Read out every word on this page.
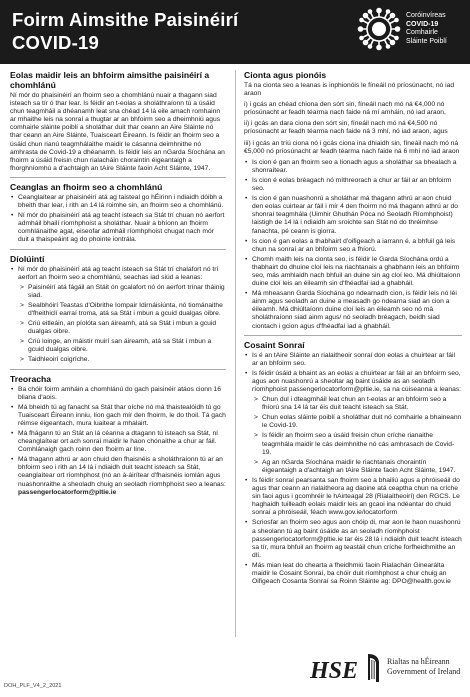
Foirm Aimsithe Paisinéirí
COVID-19
Coróinvíreas
COVID-19
Comhairle
Sláinte Poiblí
Eolas maidir leis an bhfoirm aimsithe paisinéirí a chomhlánú

Ní mór do phaisinéirí an fhoirm seo a chomhlánú nuair a thagann siad isteach sa tír ó thar lear. Is féidir an t-eolas a sholáthraíonn tú a úsáid chun teagmháil a dhéanamh leat sna chéad 14 lá eile amach romhainn ar mhaithe leis na sonraí a thugtar ar an bhfoirm seo a dheimhniú agus comhairle sláinte poiblí a sholáthar duit thar ceann an Aire Sláinte nó thar ceann an Aire Sláinte, Tuaisceart Éireann. Is féidir an fhoirm seo a úsáid chun rianú teagmhálaithe maidir le cásanna deimhnithe nó amhrasta de Covid-19 a dhéanamh. Is féidir leis an nGarda Síochána an fhoirm a úsáid freisin chun rialacháin choraintín éigeantaigh a fhorghníomhú a d'achtaigh an tAire Sláinte faoin Acht Sláinte, 1947.

Ceanglas an fhoirm seo a chomhlánú
• Ceanglaítear ar phaisinéirí atá ag taisteal go hÉirinn i ndiaidh dóibh a bheith thar lear, i rith an 14 lá roimhe sin, an fhoirm seo a chomhlánú.
• Ní mór do phaisinéirí atá ag teacht isteach sa Stát trí chuan nó aerfort admháil bhailí ríomhphoist a sholáthar. Nuair a bhíonn an fhoirm comhlánaithe agat, eiseofar admháil ríomhphoist chugat nach mór duit a thaispeáint ag do phointe iontrála.
Díolúintí
• Ní mór do phaisinéirí atá ag teacht isteach sa Stát trí chalafort nó trí aerfort an fhoirm seo a chomhlánú, seachas iad siúd a leanas:
> Paisinéirí atá fágáil an Stáit ón gcalafort nó ón aerfort trínar tháinig siad.
> Sealbhóirí Teastas d'Oibrithe Iompair Idirnáisiúnta, nó tiománaithe d'fheithiclí earraí troma, atá sa Stát i mbun a gcuid dualgas oibre.
> Criú eitleáin, an píolóta san áireamh, atá sa Stát i mbun a gcuid dualgas oibre.
> Criú loinge, an máistir muirí san áireamh, atá sa Stát i mbun a gcuid dualgas oibre.
> Taidhleoirí coigríche.
Treoracha
• Ba chóir foirm amháin a chomhlánú do gach paisinéir atáos cionn 16 bliana d'aois.
• Má bheidh tú ag fanacht sa Stát thar oíche nó má thaistealóidh tú go Tuaisceart Éireann inniu, líon gach mír den fhoirm, le do thoil. Tá gach réimse éigeantach, mura luaitear a mhalairt.
• Má fhágann tú an Stát an lá céanna a dtagann tú isteach sa Stát, ní cheanglaítear ort ach sonraí maidir le haon chónaithe a chur ar fáil. Comhlánaigh gach roinn den fhoirm ar líne.
• Má thagann athrú ar aon chuid den fhaisnéis a sholáthraíonn tú ar an bhfoirm seo i rith an 14 lá i ndiaidh duit teacht isteach sa Stát, ceanglaítear ort ríomhphost (nó an á-áirítear d'fhaisnéis iomlán agus nuashonraithe a sheoladh chuig an seoladh ríomhphoist seo a leanas: passengerlocatorform@pltie.ie
Cionta agus pionóis

Tá na cionta seo a leanas is inphionóis le fíneáil nó príosúnacht, nó iad araon

i) i gcás an chéad chiona den sórt sin, fíneáil nach mó ná €4,000 nó príosúnacht ar feadh téarma nach faide ná mí amháin, nó iad araon,

ii) i gcás an dara ciona den sórt sin, fíneáil nach mó ná €4,500 nó príosúnacht ar feadh téarma nach faide ná 3 mhí, nó iad araon, agus

iii) i gcás an tríú ciona nó i gcás ciona ina dhiaidh sin, fíneáil nach mó ná €5,000 nó príosúnacht ar feadh téarma nach faide ná 6 mhí nó iad araon

• Is cion é gan an fhoirm seo a líonadh agus a sholáthar sa bhealach a shonraítear.
• Is cion é eolas bréagach nó míthreorach a chur ar fáil ar an bhfoirm seo.
• Is cion é gan nuashonrú a sholáthar má thagann athrú ar aon chuid den eolas cuirtear ar fáil i mír 4 den fhoirm nó má thagann athrú ar do shonraí teagmhála (Uimhir Ghuthán Póca nó Seoladh Ríomhphoist) laistigh de 14 lá i ndiaidh am sroichte san Stát nó do thréimhse fanachta, pé ceann is giorra.
• Is cion é gan eolas a thabhairt d'oifigeach a iarrann é, a bhfuil gá leis chun na sonraí ar an bhfoirm seo a fhíorú.
• Chomh maith leis na cionta seo, is féidir le Garda Síochána ordú a thabhairt do dhuine cloí leis na riachtanais a ghabhann leis an bhfoirm seo, más amhlaidh nach bhfuil an duine sin ag cloí leo. Má dhiúltaíonn duine cloí leis an éileamh sin d'fhéadfaí iad a ghabháil.
• Má mheasann Garda Síochána go ndearnadh cion, is féidir leis nó léi ainm agus seoladh an duine a measadh go ndearna siad an cion a éileamh. Má dhiúltaíonn duine cloí leis an éileamh seo nó má sholáthraíonn siad ainm agus/ nó seoladh bréagach, beidh siad ciontach i gcion agus d'fhéadfaí iad a ghabháil.
Cosaint Sonraí
• Is é an tAire Sláinte an rialaitheoir sonraí don eolas a chuirtear ar fáil ar an bhfoirm seo.
• Is féidir úsáid a bhaint as an eolas a chuirtear ar fáil ar an bhfoirm seo, agus aon nuashonrú a sheoltar ag baint úsáide as an seoladh ríomhphoist passengerlocatorform@pltie.ie, sa na cúiseanna a leanas:
> Chun dul i dteagmháil leat chun an t-eolas ar an bhfoirm seo a fhíorú sna 14 lá tar éis duit teacht isteach sa Stát.
> Chun eolas sláinte poiblí a sholáthar duit nó comhairle a bhaineann le Covid-19.
> Is féidir an fhoirm seo a úsáid freisin chun críche rianaithe teagmhála maidir le cás deimhnithe nó cás amhrasach de Covid-19.
> Ag an nGarda Síochána maidir le riachtanais choraintín éigeantaigh a d'achtaigh an tAire Sláinte faoin Acht Sláinte, 1947.
• Is féidir sonraí pearsanta san fhoirm seo a bhailiú agus a phróiseáil do agus thar ceann an rialaitheora ag daoine atá ceaptha chun na críche sin faoi agus i gcomhréir le hAirteagal 28 (Rialaitheoirí) den RGCS. Le haghaidh tuilleadh eolais maidir leis an gcaoi ina ndéantar do chuid sonraí a phróiseáil, féach www.gov.ie/locatorform
• Scriosfar an fhoirm seo agus aon chóip di, mar aon le haon nuashonrú a sheolann tú ag baint úsáide as an seoladh ríomhphoist passengerlocatorform@pltie.ie tar éis 28 lá i ndiaidh duit teacht isteach sa tír, mura bhfuil an fhoirm ag teastáil chun críche forfheidhmithe an dlí.
• Más mian leat do chearta a fheidhmiú faoin Rialachán Ginearálta maidir le Cosaint Sonraí, ba chóir duit ríomhphost a chur chuig an Oifigeach Cosanta Sonraí sa Roinn Sláinte ag: DPO@health.gov.ie
DOH_PLF_V4_2_2021
HSE	Rialtas na hÉireann
Government of Ireland
